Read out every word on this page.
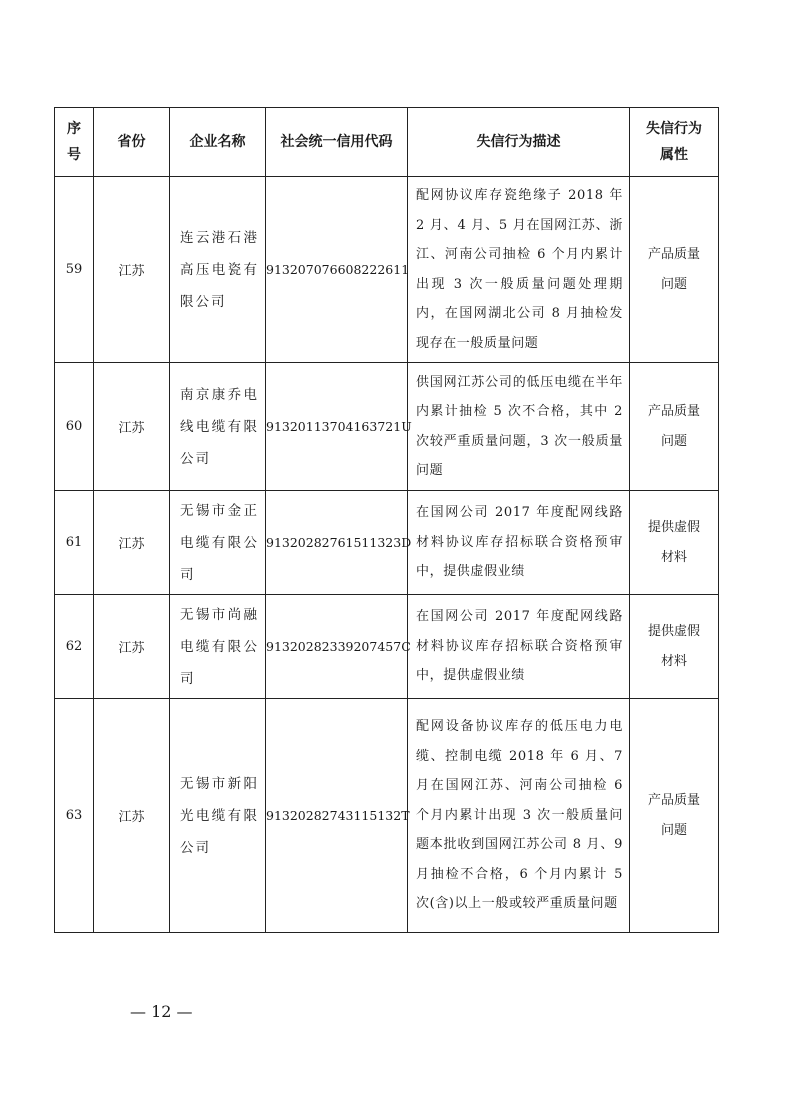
序号	省份	企业名称	社会统一信用代码	失信行为描述	失信行为属性
59	江苏	连云港石港高压电瓷有限公司	913207076608222611	配网协议库存瓷绝缘子 2018 年 2 月、4 月、5 月在国网江苏、浙江、河南公司抽检 6 个月内累计出现 3 次一般质量问题处理期内，在国网湖北公司 8 月抽检发现存在一般质量问题	产品质量问题
60	江苏	南京康乔电线电缆有限公司	91320113704163721U	供国网江苏公司的低压电缆在半年内累计抽检 5 次不合格，其中 2 次较严重质量问题，3 次一般质量问题	产品质量问题
61	江苏	无锡市金正电缆有限公司	91320282761511323D	在国网公司 2017 年度配网线路材料协议库存招标联合资格预审中，提供虚假业绩	提供虚假材料
62	江苏	无锡市尚融电缆有限公司	91320282339207457C	在国网公司 2017 年度配网线路材料协议库存招标联合资格预审中，提供虚假业绩	提供虚假材料
63	江苏	无锡市新阳光电缆有限公司	91320282743115132T	配网设备协议库存的低压电力电缆、控制电缆 2018 年 6 月、7 月在国网江苏、河南公司抽检 6 个月内累计出现 3 次一般质量问题本批收到国网江苏公司 8 月、9 月抽检不合格，6 个月内累计 5 次(含)以上一般或较严重质量问题	产品质量问题
— 12 —
